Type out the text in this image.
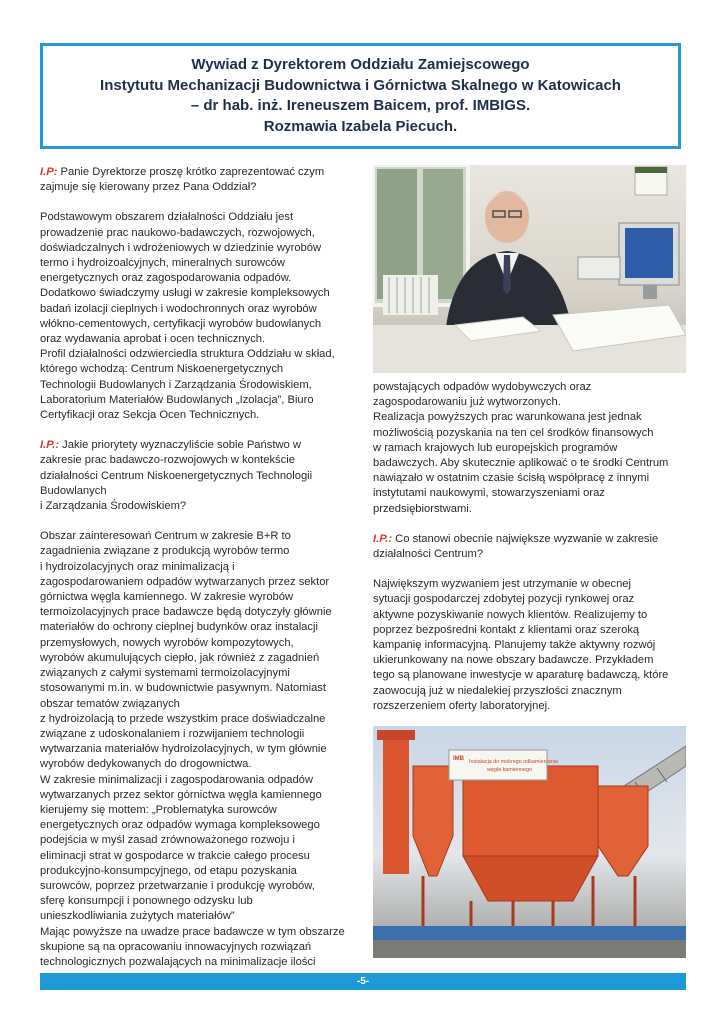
Wywiad z Dyrektorem Oddziału Zamiejscowego
Instytutu Mechanizacji Budownictwa i Górnictwa Skalnego w Katowicach
– dr hab. inż. Ireneuszem Baicem, prof. IMBIGS.
Rozmawia Izabela Piecuch.

I.P: Panie Dyrektorze proszę krótko zaprezentować czym zajmuje się kierowany przez Pana Oddział?

Podstawowym obszarem działalności Oddziału jest

prowadzenie prac naukowo-badawczych, rozwojowych,

doświadczalnych i wdrożeniowych w dziedzinie wyrobów

termo i hydroizoalcyjnych, mineralnych surowców

energetycznych oraz zagospodarowania odpadów.

Dodatkowo świadczymy usługi w zakresie kompleksowych

badań izolacji cieplnych i wodochronnych oraz wyrobów

włókno-cementowych, certyfikacji wyrobów budowlanych

oraz wydawania aprobat i ocen technicznych.

Profil działalności odzwierciedla struktura Oddziału w skład,

którego wchodzą: Centrum Niskoenergetycznych

Technologii Budowlanych i Zarządzania Środowiskiem,

Laboratorium Materiałów Budowlanych „Izolacja”, Biuro

Certyfikacji oraz Sekcja Ocen Technicznych.

I.P.: Jakie priorytety wyznaczyliście sobie Państwo w

zakresie prac badawczo-rozwojowych w kontekście

działalności Centrum Niskoenergetycznych Technologii

Budowlanych

i Zarządzania Środowiskiem?

Obszar zainteresowań Centrum w zakresie B+R to

zagadnienia związane z produkcją wyrobów termo

i hydroizolacyjnych oraz minimalizacją i

zagospodarowaniem odpadów wytwarzanych przez sektor

górnictwa węgla kamiennego. W zakresie wyrobów

termoizolacyjnych prace badawcze będą dotyczyły głównie

materiałów do ochrony cieplnej budynków oraz instalacji

przemysłowych, nowych wyrobów kompozytowych,

wyrobów akumulujących ciepło, jak również z zagadnień

związanych z całymi systemami termoizolacyjnymi

stosowanymi m.in. w budownictwie pasywnym. Natomiast

obszar tematów związanych

z hydroizolacją to przede wszystkim prace doświadczalne

związane z udoskonalaniem i rozwijaniem technologii

wytwarzania materiałów hydroizolacyjnych, w tym głównie

wyrobów dedykowanych do drogownictwa.

W zakresie minimalizacji i zagospodarowania odpadów

wytwarzanych przez sektor górnictwa węgla kamiennego

kierujemy się mottem: „Problematyka surowców

energetycznych oraz odpadów wymaga kompleksowego

podejścia w myśl zasad zrównoważonego rozwoju i

eliminacji strat w gospodarce w trakcie całego procesu

produkcyjno-konsumpcyjnego, od etapu pozyskania

surowców, poprzez przetwarzanie i produkcję wyrobów,

sferę konsumpcji i ponownego odzysku lub

unieszkodliwiania zużytych materiałów”

Mając powyższe na uwadze prace badawcze w tym obszarze

skupione są na opracowaniu innowacyjnych rozwiązań

technologicznych pozwalających na minimalizacje ilości

powstających odpadów wydobywczych oraz

zagospodarowaniu już wytworzonych.

Realizacja powyższych prac warunkowana jest jednak

możliwością pozyskania na ten cel środków finansowych

w ramach krajowych lub europejskich programów

badawczych. Aby skutecznie aplikować o te środki Centrum

nawiązało w ostatnim czasie ścisłą współpracę z innymi

instytutami naukowymi, stowarzyszeniami oraz

przedsiębiorstwami.

I.P.: Co stanowi obecnie największe wyzwanie w zakresie

działalności Centrum?

Największym wyzwaniem jest utrzymanie w obecnej

sytuacji gospodarczej zdobytej pozycji rynkowej oraz

aktywne pozyskiwanie nowych klientów. Realizujemy to

poprzez bezpośredni kontakt z klientami oraz szeroką

kampanię informacyjną. Planujemy także aktywny rozwój

ukierunkowany na nowe obszary badawcze. Przykładem

tego są planowane inwestycje w aparaturę badawczą, które

zaowocują już w niedalekiej przyszłości znacznym

rozszerzeniem oferty laboratoryjnej.

IMB Instalacja do mokrego odkamieniania
węgla kamiennego
-5-
